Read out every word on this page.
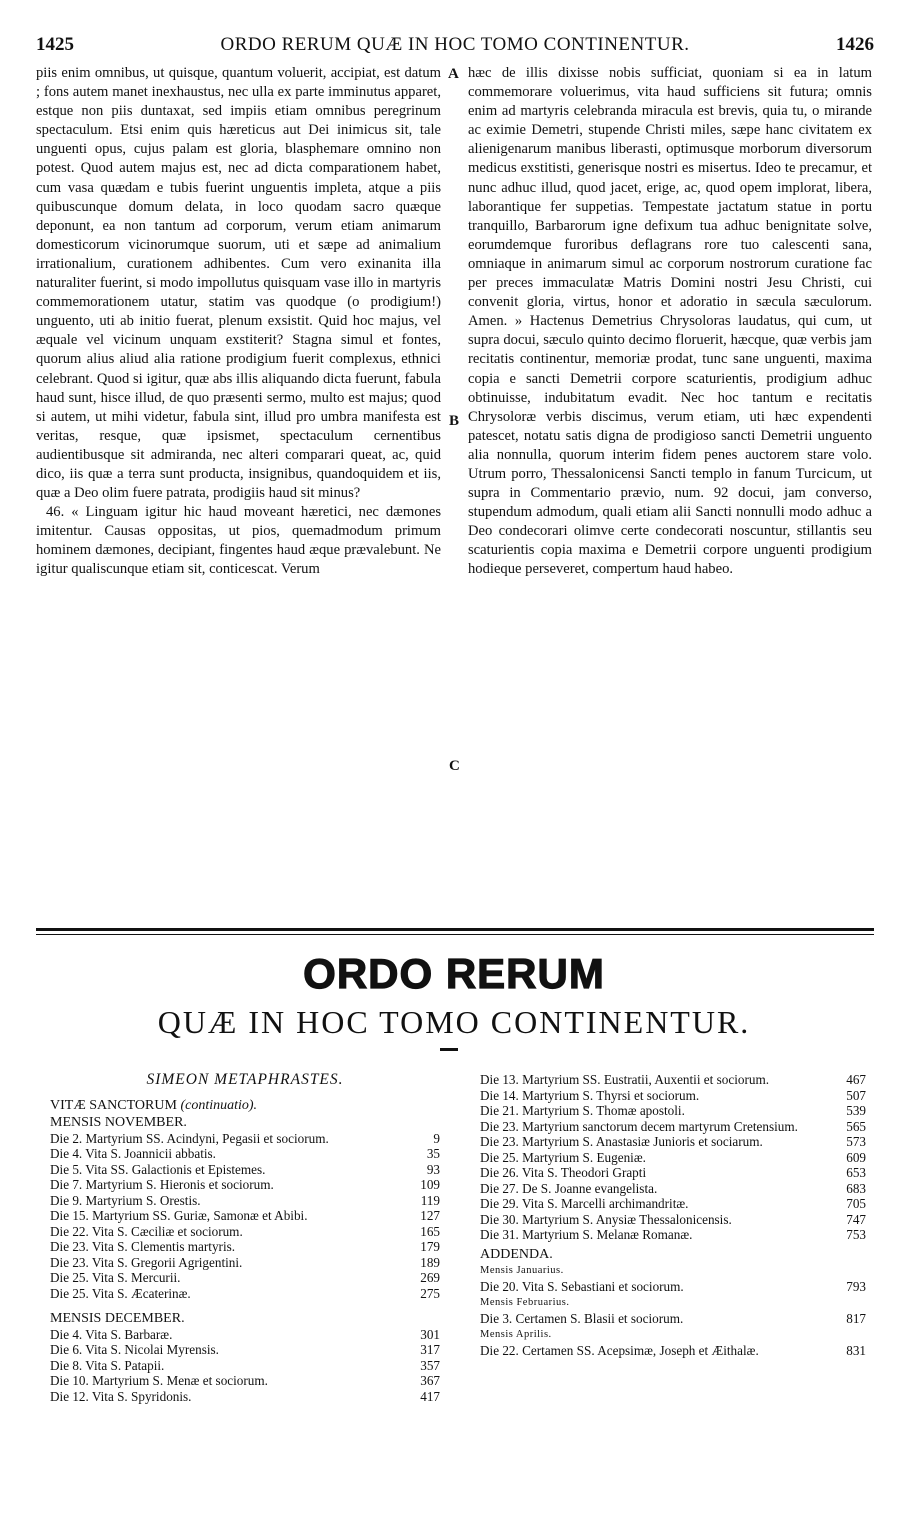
1425	ORDO RERUM QUÆ IN HOC TOMO CONTINENTUR.	1426

piis enim omnibus, ut quisque, quantum voluerit, accipiat, est datum ; fons autem manet inexhaustus, nec ulla ex parte imminutus apparet, estque non piis duntaxat, sed impiis etiam omnibus peregrinum spectaculum. Etsi enim quis hæreticus aut Dei inimicus sit, tale unguenti opus, cujus palam est gloria, blasphemare omnino non potest. Quod autem majus est, nec ad dicta comparationem habet, cum vasa quædam e tubis fuerint unguentis impleta, atque a piis quibuscunque domum delata, in loco quodam sacro quæque deponunt, ea non tantum ad corporum, verum etiam animarum domesticorum vicinorumque suorum, uti et sæpe ad animalium irrationalium, curationem adhibentes. Cum vero exinanita illa naturaliter fuerint, si modo impollutus quisquam vase illo in martyris commemorationem utatur, statim vas quodque (o prodigium!) unguento, uti ab initio fuerat, plenum exsistit. Quid hoc majus, vel æquale vel vicinum unquam exstiterit? Stagna simul et fontes, quorum alius aliud alia ratione prodigium fuerit complexus, ethnici celebrant. Quod si igitur, quæ abs illis aliquando dicta fuerunt, fabula haud sunt, hisce illud, de quo præsenti sermo, multo est majus; quod si autem, ut mihi videtur, fabula sint, illud pro umbra manifesta est veritas, resque, quæ ipsismet, spectaculum cernentibus audientibusque sit admiranda, nec alteri comparari queat, ac, quid dico, iis quæ a terra sunt producta, insignibus, quandoquidem et iis, quæ a Deo olim fuere patrata, prodigiis haud sit minus?

46. « Linguam igitur hic haud moveant hæretici, nec dæmones imitentur. Causas oppositas, ut pios, quemadmodum primum hominem dæmones, decipiant, fingentes haud æque prævalebunt. Ne igitur qualiscunque etiam sit, conticescat. Verum

A
B
C

hæc de illis dixisse nobis sufficiat, quoniam si ea in latum commemorare voluerimus, vita haud sufficiens sit futura; omnis enim ad martyris celebranda miracula est brevis, quia tu, o mirande ac eximie Demetri, stupende Christi miles, sæpe hanc civitatem ex alienigenarum manibus liberasti, optimusque morborum diversorum medicus exstitisti, generisque nostri es misertus. Ideo te precamur, et nunc adhuc illud, quod jacet, erige, ac, quod opem implorat, libera, laborantique fer suppetias. Tempestate jactatum statue in portu tranquillo, Barbarorum igne defixum tua adhuc benignitate solve, eorumdemque furoribus deflagrans rore tuo calescenti sana, omniaque in animarum simul ac corporum nostrorum curatione fac per preces immaculatæ Matris Domini nostri Jesu Christi, cui convenit gloria, virtus, honor et adoratio in sæcula sæculorum. Amen. » Hactenus Demetrius Chrysoloras laudatus, qui cum, ut supra docui, sæculo quinto decimo floruerit, hæcque, quæ verbis jam recitatis continentur, memoriæ prodat, tunc sane unguenti, maxima copia e sancti Demetrii corpore scaturientis, prodigium adhuc obtinuisse, indubitatum evadit. Nec hoc tantum e recitatis Chrysoloræ verbis discimus, verum etiam, uti hæc expendenti patescet, notatu satis digna de prodigioso sancti Demetrii unguento alia nonnulla, quorum interim fidem penes auctorem stare volo. Utrum porro, Thessalonicensi Sancti templo in fanum Turcicum, ut supra in Commentario prævio, num. 92 docui, jam converso, stupendum admodum, quali etiam alii Sancti nonnulli modo adhuc a Deo condecorari olimve certe condecorati noscuntur, stillantis seu scaturientis copia maxima e Demetrii corpore unguenti prodigium hodieque perseveret, compertum haud habeo.

ORDO RERUM
QUÆ IN HOC TOMO CONTINENTUR.
SIMEON METAPHRASTES.
VITÆ SANCTORUM (continuatio).
MENSIS NOVEMBER.
Die 2. Martyrium SS. Acindyni, Pegasii et sociorum.	9
Die 4. Vita S. Joannicii abbatis.	35
Die 5. Vita SS. Galactionis et Epistemes.	93
Die 7. Martyrium S. Hieronis et sociorum.	109
Die 9. Martyrium S. Orestis.	119
Die 15. Martyrium SS. Guriæ, Samonæ et Abibi.	127
Die 22. Vita S. Cæciliæ et sociorum.	165
Die 23. Vita S. Clementis martyris.	179
Die 23. Vita S. Gregorii Agrigentini.	189
Die 25. Vita S. Mercurii.	269
Die 25. Vita S. Æcaterinæ.	275
MENSIS DECEMBER.
Die 4. Vita S. Barbaræ.	301
Die 6. Vita S. Nicolai Myrensis.	317
Die 8. Vita S. Patapii.	357
Die 10. Martyrium S. Menæ et sociorum.	367
Die 12. Vita S. Spyridonis.	417
Die 13. Martyrium SS. Eustratii, Auxentii et sociorum.	467
Die 14. Martyrium S. Thyrsi et sociorum.	507
Die 21. Martyrium S. Thomæ apostoli.	539
Die 23. Martyrium sanctorum decem martyrum Cretensium.	565
Die 23. Martyrium S. Anastasiæ Junioris et sociarum.	573
Die 25. Martyrium S. Eugeniæ.	609
Die 26. Vita S. Theodori Grapti	653
Die 27. De S. Joanne evangelista.	683
Die 29. Vita S. Marcelli archimandritæ.	705
Die 30. Martyrium S. Anysiæ Thessalonicensis.	747
Die 31. Martyrium S. Melanæ Romanæ.	753
ADDENDA.
Mensis Januarius.
Die 20. Vita S. Sebastiani et sociorum.	793
Mensis Februarius.
Die 3. Certamen S. Blasii et sociorum.	817
Mensis Aprilis.
Die 22. Certamen SS. Acepsimæ, Joseph et Æithalæ.	831
